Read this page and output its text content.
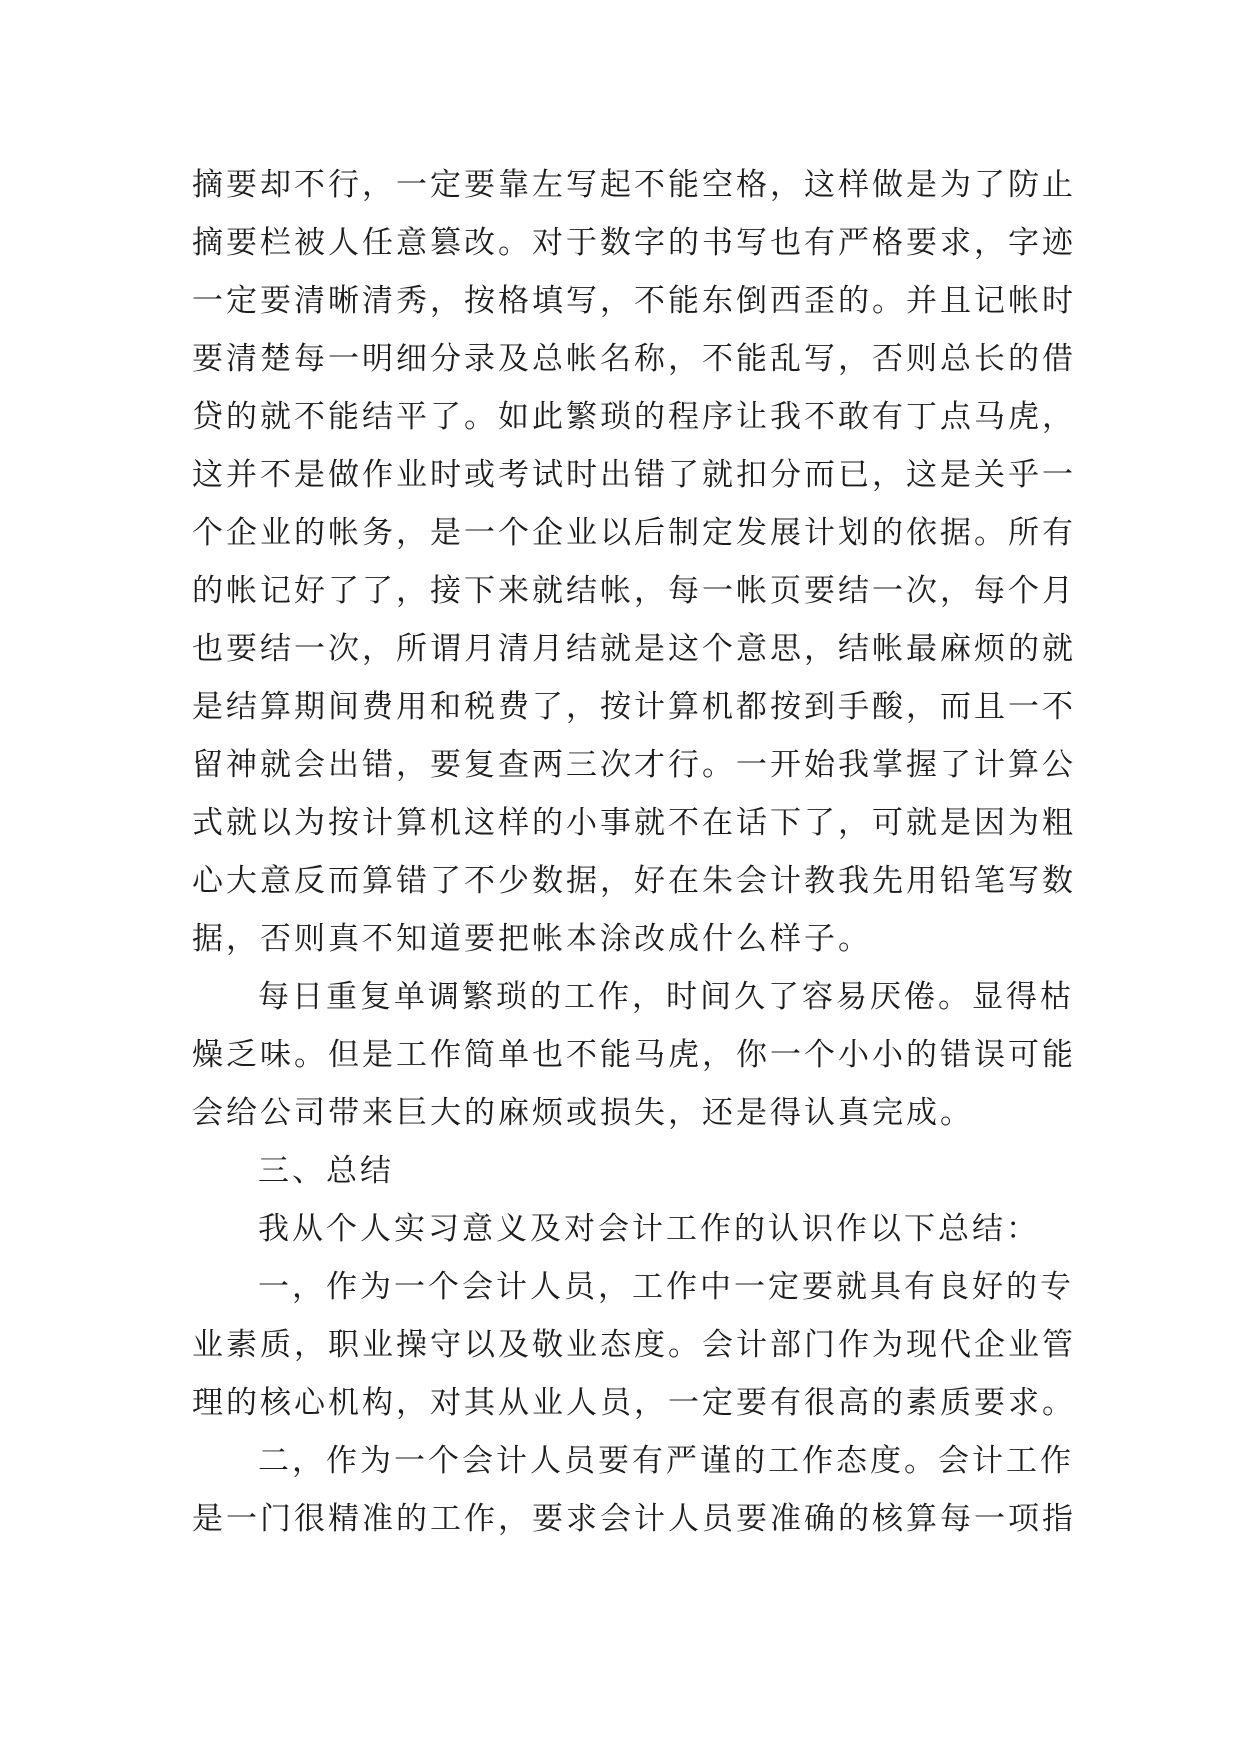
摘要却不行，一定要靠左写起不能空格，这样做是为了防止
摘要栏被人任意篡改。对于数字的书写也有严格要求，字迹
一定要清晰清秀，按格填写，不能东倒西歪的。并且记帐时
要清楚每一明细分录及总帐名称，不能乱写，否则总长的借
贷的就不能结平了。如此繁琐的程序让我不敢有丁点马虎，
这并不是做作业时或考试时出错了就扣分而已，这是关乎一
个企业的帐务，是一个企业以后制定发展计划的依据。所有
的帐记好了了，接下来就结帐，每一帐页要结一次，每个月
也要结一次，所谓月清月结就是这个意思，结帐最麻烦的就
是结算期间费用和税费了，按计算机都按到手酸，而且一不
留神就会出错，要复查两三次才行。一开始我掌握了计算公
式就以为按计算机这样的小事就不在话下了，可就是因为粗
心大意反而算错了不少数据，好在朱会计教我先用铅笔写数
据，否则真不知道要把帐本涂改成什么样子。
每日重复单调繁琐的工作，时间久了容易厌倦。显得枯
燥乏味。但是工作简单也不能马虎，你一个小小的错误可能
会给公司带来巨大的麻烦或损失，还是得认真完成。
三、总结
我从个人实习意义及对会计工作的认识作以下总结：
一，作为一个会计人员，工作中一定要就具有良好的专
业素质，职业操守以及敬业态度。会计部门作为现代企业管
理的核心机构，对其从业人员，一定要有很高的素质要求。
二，作为一个会计人员要有严谨的工作态度。会计工作
是一门很精准的工作，要求会计人员要准确的核算每一项指
